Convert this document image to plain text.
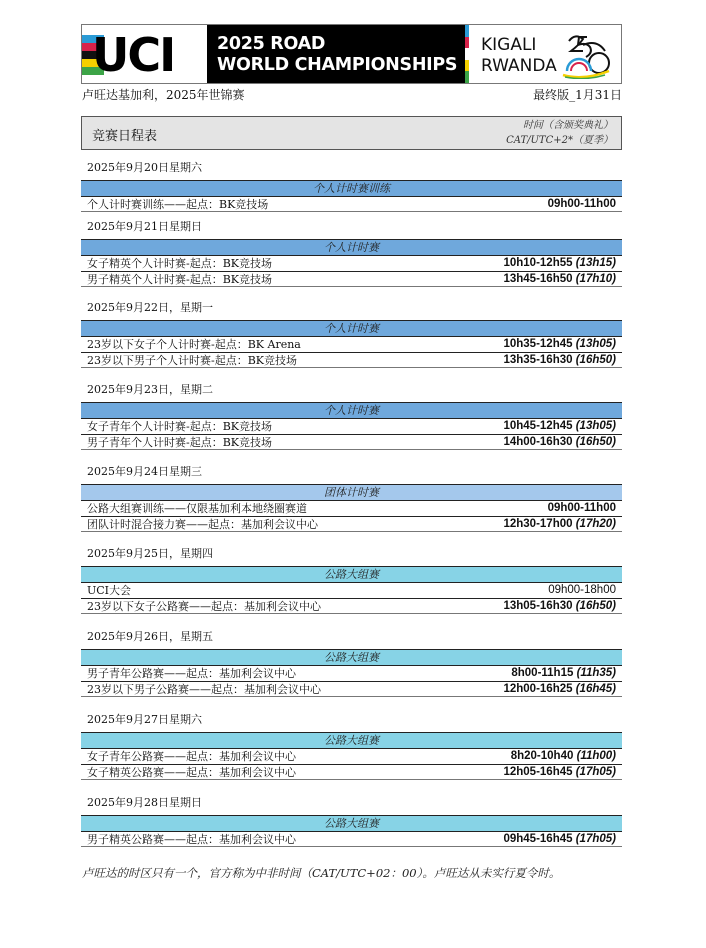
UCI 2025 ROAD
WORLD CHAMPIONSHIPS
KIGALI
RWANDA
卢旺达基加利，2025年世锦赛	最终版_1月31日
竞赛日程表
时间（含颁奖典礼）
CAT/UTC+2*（夏季）
2025年9月20日星期六
个人计时赛训练
个人计时赛训练——起点：BK竞技场	09h00-11h00
2025年9月21日星期日
个人计时赛
女子精英个人计时赛-起点：BK竞技场	10h10-12h55 (13h15)
男子精英个人计时赛-起点：BK竞技场	13h45-16h50 (17h10)
2025年9月22日，星期一
个人计时赛
23岁以下女子个人计时赛-起点：BK Arena	10h35-12h45 (13h05)
23岁以下男子个人计时赛-起点：BK竞技场	13h35-16h30 (16h50)
2025年9月23日，星期二
个人计时赛
女子青年个人计时赛-起点：BK竞技场	10h45-12h45 (13h05)
男子青年个人计时赛-起点：BK竞技场	14h00-16h30 (16h50)
2025年9月24日星期三
团体计时赛
公路大组赛训练——仅限基加利本地绕圈赛道	09h00-11h00
团队计时混合接力赛——起点：基加利会议中心	12h30-17h00 (17h20)
2025年9月25日，星期四
公路大组赛
UCI大会	09h00-18h00
23岁以下女子公路赛——起点：基加利会议中心	13h05-16h30 (16h50)
2025年9月26日，星期五
公路大组赛
男子青年公路赛——起点：基加利会议中心	8h00-11h15 (11h35)
23岁以下男子公路赛——起点：基加利会议中心	12h00-16h25 (16h45)
2025年9月27日星期六
公路大组赛
女子青年公路赛——起点：基加利会议中心	8h20-10h40 (11h00)
女子精英公路赛——起点：基加利会议中心	12h05-16h45 (17h05)
2025年9月28日星期日
公路大组赛
男子精英公路赛——起点：基加利会议中心	09h45-16h45 (17h05)
卢旺达的时区只有一个，官方称为中非时间（CAT/UTC+02：00）。卢旺达从未实行夏令时。
